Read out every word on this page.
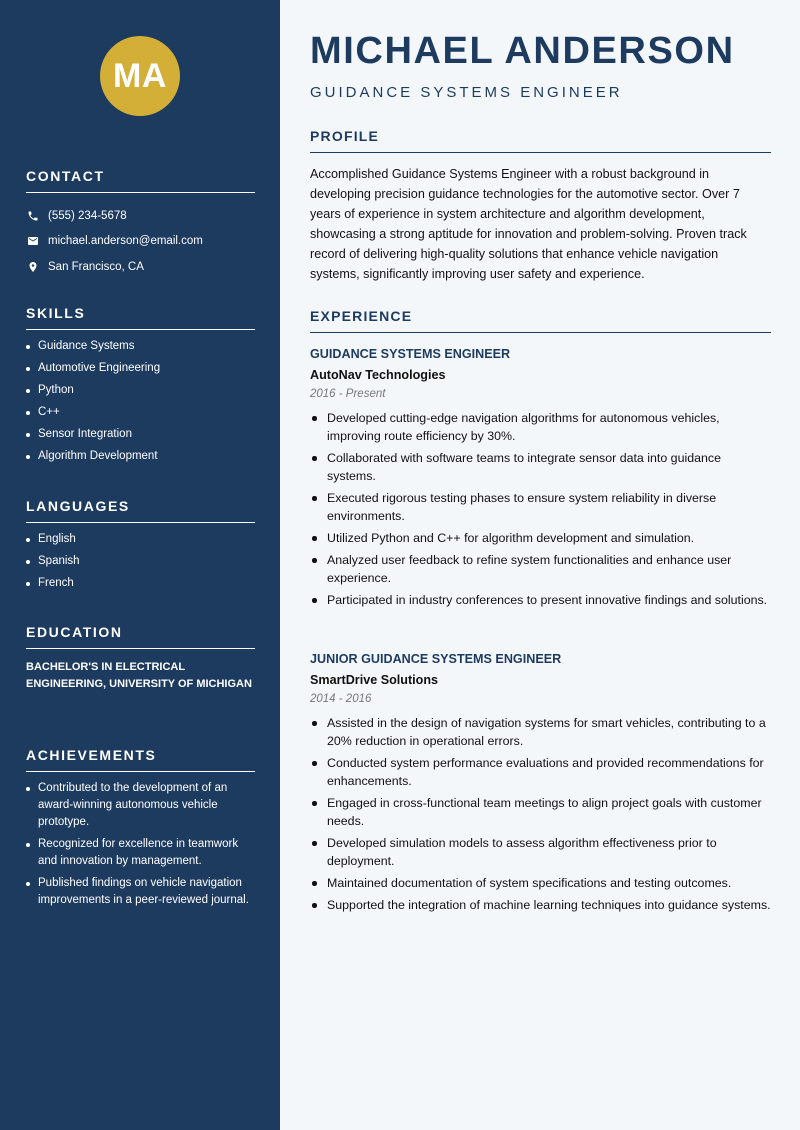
MA
CONTACT
(555) 234-5678
michael.anderson@email.com
San Francisco, CA
SKILLS
Guidance Systems
Automotive Engineering
Python
C++
Sensor Integration
Algorithm Development
LANGUAGES
English
Spanish
French
EDUCATION
BACHELOR'S IN ELECTRICAL ENGINEERING, UNIVERSITY OF MICHIGAN
ACHIEVEMENTS
Contributed to the development of an award-winning autonomous vehicle prototype.
Recognized for excellence in teamwork and innovation by management.
Published findings on vehicle navigation improvements in a peer-reviewed journal.
MICHAEL ANDERSON
GUIDANCE SYSTEMS ENGINEER
PROFILE

Accomplished Guidance Systems Engineer with a robust background in developing precision guidance technologies for the automotive sector. Over 7 years of experience in system architecture and algorithm development, showcasing a strong aptitude for innovation and problem-solving. Proven track record of delivering high-quality solutions that enhance vehicle navigation systems, significantly improving user safety and experience.

EXPERIENCE
GUIDANCE SYSTEMS ENGINEER
AutoNav Technologies
2016 - Present
Developed cutting-edge navigation algorithms for autonomous vehicles, improving route efficiency by 30%.
Collaborated with software teams to integrate sensor data into guidance systems.
Executed rigorous testing phases to ensure system reliability in diverse environments.
Utilized Python and C++ for algorithm development and simulation.
Analyzed user feedback to refine system functionalities and enhance user experience.
Participated in industry conferences to present innovative findings and solutions.
JUNIOR GUIDANCE SYSTEMS ENGINEER
SmartDrive Solutions
2014 - 2016
Assisted in the design of navigation systems for smart vehicles, contributing to a 20% reduction in operational errors.
Conducted system performance evaluations and provided recommendations for enhancements.
Engaged in cross-functional team meetings to align project goals with customer needs.
Developed simulation models to assess algorithm effectiveness prior to deployment.
Maintained documentation of system specifications and testing outcomes.
Supported the integration of machine learning techniques into guidance systems.
